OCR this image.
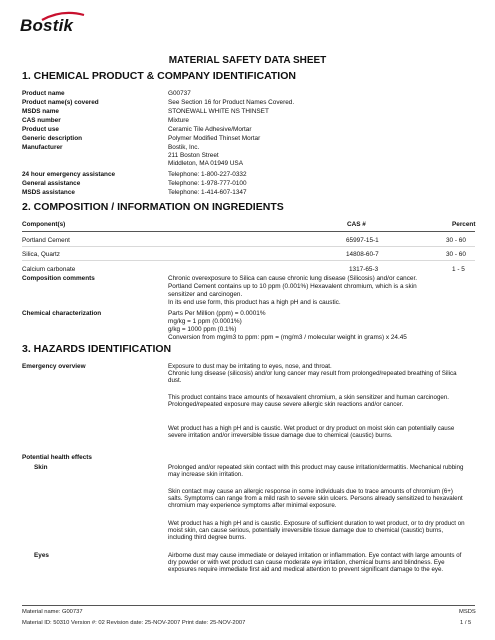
Bostik
MATERIAL SAFETY DATA SHEET
1. CHEMICAL PRODUCT & COMPANY IDENTIFICATION
Product name	G00737
Product name(s) covered	See Section 16 for Product Names Covered.
MSDS name	STONEWALL WHITE NS THINSET
CAS number	Mixture
Product use	Ceramic Tile Adhesive/Mortar
Generic description	Polymer Modified Thinset Mortar
Manufacturer	Bostik, Inc.
211 Boston Street
Middleton, MA 01949 USA
24 hour emergency assistance	Telephone: 1-800-227-0332
General assistance	Telephone: 1-978-777-0100
MSDS assistance	Telephone: 1-414-607-1347
2. COMPOSITION / INFORMATION ON INGREDIENTS
Component(s)	CAS #	Percent
Portland Cement	65997-15-1	30 - 60
Silica, Quartz	14808-60-7	30 - 60
Calcium carbonate	1317-65-3	1 - 5
Composition comments	Chronic overexposure to Silica can cause chronic lung disease (Silicosis) and/or cancer.
Portland Cement contains up to 10 ppm (0.001%) Hexavalent chromium, which is a skin
sensitizer and carcinogen.
In its end use form, this product has a high pH and is caustic.
Chemical characterization	Parts Per Million (ppm) = 0.0001%
mg/kg = 1 ppm (0.0001%)
g/kg = 1000 ppm (0.1%)
Conversion from mg/m3 to ppm: ppm = (mg/m3 / molecular weight in grams) x 24.45
3. HAZARDS IDENTIFICATION
Emergency overview	Exposure to dust may be irritating to eyes, nose, and throat.
Chronic lung disease (silicosis) and/or lung cancer may result from prolonged/repeated breathing of Silica dust.
This product contains trace amounts of hexavalent chromium, a skin sensitizer and human carcinogen. Prolonged/repeated exposure may cause severe allergic skin reactions and/or cancer.
Wet product has a high pH and is caustic. Wet product or dry product on moist skin can potentially cause severe irritation and/or irreversible tissue damage due to chemical (caustic) burns.
Potential health effects
Skin	Prolonged and/or repeated skin contact with this product may cause irritation/dermatitis. Mechanical rubbing may increase skin irritation.
Skin contact may cause an allergic response in some individuals due to trace amounts of chromium (6+) salts. Symptoms can range from a mild rash to severe skin ulcers. Persons already sensitized to hexavalent chromium may experience symptoms after minimal exposure.
Wet product has a high pH and is caustic. Exposure of sufficient duration to wet product, or to dry product on moist skin, can cause serious, potentially irreversible tissue damage due to chemical (caustic) burns, including third degree burns.
Eyes	Airborne dust may cause immediate or delayed irritation or inflammation. Eye contact with large amounts of dry powder or with wet product can cause moderate eye irritation, chemical burns and blindness. Eye exposures require immediate first aid and medical attention to prevent significant damage to the eye.
Material name: G00737
Material ID: 50310 Version #: 02 Revision date: 25-NOV-2007 Print date: 25-NOV-2007
MSDS
1 / 5
